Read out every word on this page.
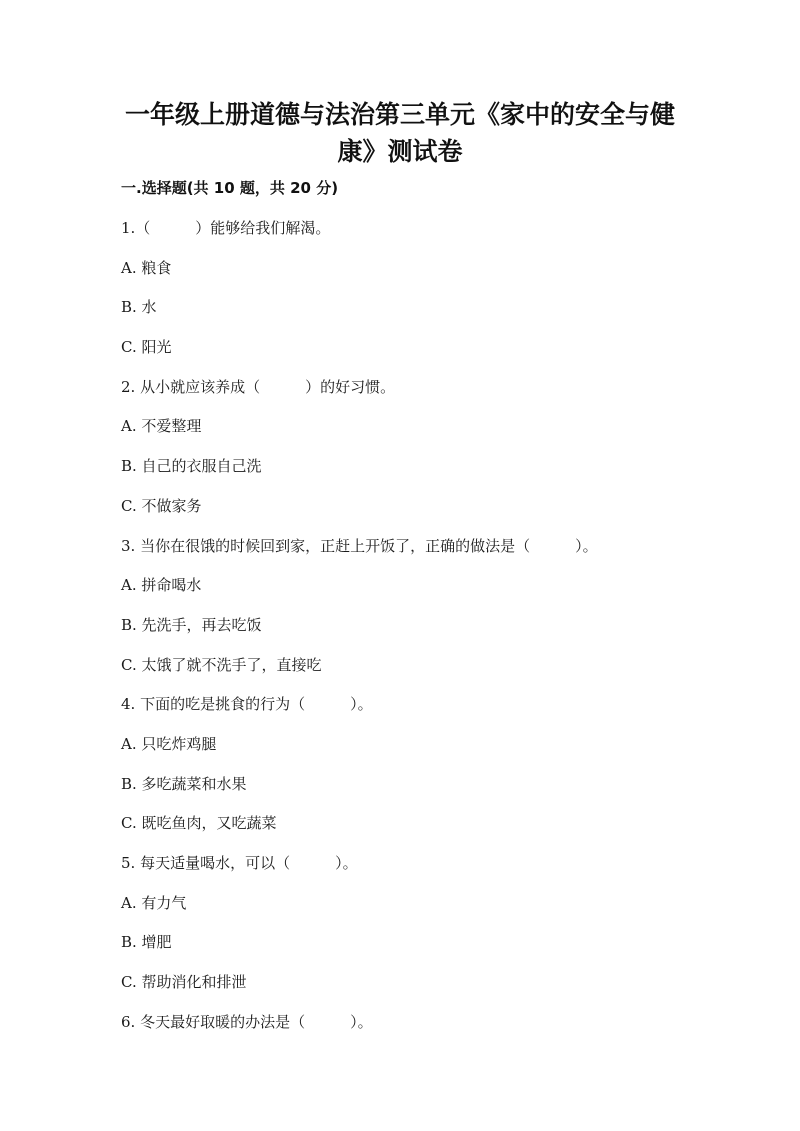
一年级上册道德与法治第三单元《家中的安全与健
康》测试卷
一.选择题(共 10 题，共 20 分)
1.（　　　）能够给我们解渴。
A. 粮食
B. 水
C. 阳光
2. 从小就应该养成（　　　）的好习惯。
A. 不爱整理
B. 自己的衣服自己洗
C. 不做家务
3. 当你在很饿的时候回到家，正赶上开饭了，正确的做法是（　　　）。
A. 拼命喝水
B. 先洗手，再去吃饭
C. 太饿了就不洗手了，直接吃
4. 下面的吃是挑食的行为（　　　）。
A. 只吃炸鸡腿
B. 多吃蔬菜和水果
C. 既吃鱼肉，又吃蔬菜
5. 每天适量喝水，可以（　　　）。
A. 有力气
B. 增肥
C. 帮助消化和排泄
6. 冬天最好取暖的办法是（　　　）。
